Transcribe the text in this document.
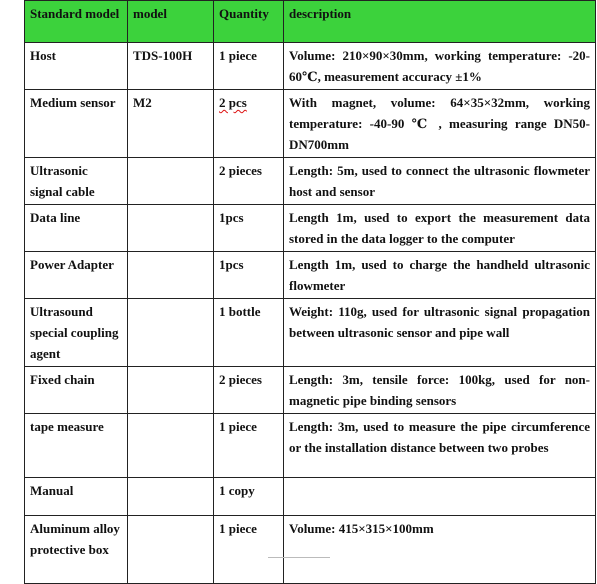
Standard model	model	Quantity	description
Host	TDS-100H	1 piece	Volume: 210×90×30mm, working temperature: -20-60℃, measurement accuracy ±1%
Medium sensor	M2	2 pcs	With magnet, volume: 64×35×32mm, working temperature: -40-90 ℃ , measuring range DN50-DN700mm
Ultrasonic signal cable		2 pieces	Length: 5m, used to connect the ultrasonic flowmeter host and sensor
Data line		1pcs	Length 1m, used to export the measurement data stored in the data logger to the computer
Power Adapter		1pcs	Length 1m, used to charge the handheld ultrasonic flowmeter
Ultrasound special coupling agent		1 bottle	Weight: 110g, used for ultrasonic signal propagation between ultrasonic sensor and pipe wall
Fixed chain		2 pieces	Length: 3m, tensile force: 100kg, used for non-magnetic pipe binding sensors
tape measure		1 piece	Length: 3m, used to measure the pipe circumference or the installation distance between two probes
Manual		1 copy	
Aluminum alloy protective box		1 piece	Volume: 415×315×100mm
